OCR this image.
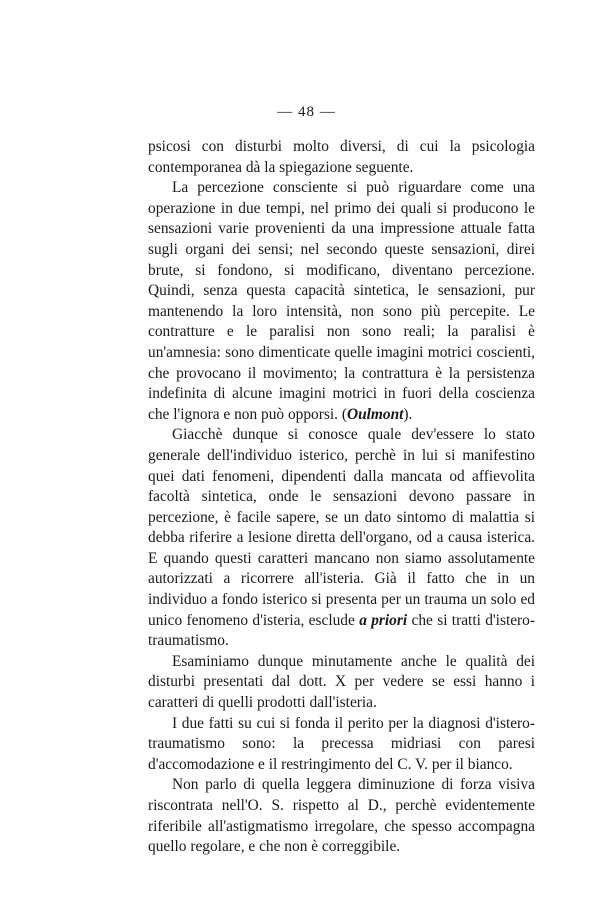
— 48 —

psicosi con disturbi molto diversi, di cui la psicologia contemporanea dà la spiegazione seguente.

La percezione consciente si può riguardare come una operazione in due tempi, nel primo dei quali si producono le sensazioni varie provenienti da una impressione attuale fatta sugli organi dei sensi; nel secondo queste sensazioni, direi brute, si fondono, si modificano, diventano percezione. Quindi, senza questa capacità sintetica, le sensazioni, pur mantenendo la loro intensità, non sono più percepite. Le contratture e le paralisi non sono reali; la paralisi è un'amnesia: sono dimenticate quelle imagini motrici coscienti, che provocano il movimento; la contrattura è la persistenza indefinita di alcune imagini motrici in fuori della coscienza che l'ignora e non può opporsi. (Oulmont).

Giacchè dunque si conosce quale dev'essere lo stato generale dell'individuo isterico, perchè in lui si manifestino quei dati fenomeni, dipendenti dalla mancata od affievolita facoltà sintetica, onde le sensazioni devono passare in percezione, è facile sapere, se un dato sintomo di malattia si debba riferire a lesione diretta dell'organo, od a causa isterica. E quando questi caratteri mancano non siamo assolutamente autorizzati a ricorrere all'isteria. Già il fatto che in un individuo a fondo isterico si presenta per un trauma un solo ed unico fenomeno d'isteria, esclude a priori che si tratti d'istero-traumatismo.

Esaminiamo dunque minutamente anche le qualità dei disturbi presentati dal dott. X per vedere se essi hanno i caratteri di quelli prodotti dall'isteria.

I due fatti su cui si fonda il perito per la diagnosi d'istero-traumatismo sono: la precessa midriasi con paresi d'accomodazione e il restringimento del C. V. per il bianco.

Non parlo di quella leggera diminuzione di forza visiva riscontrata nell'O. S. rispetto al D., perchè evidentemente riferibile all'astigmatismo irregolare, che spesso accompagna quello regolare, e che non è correggibile.
